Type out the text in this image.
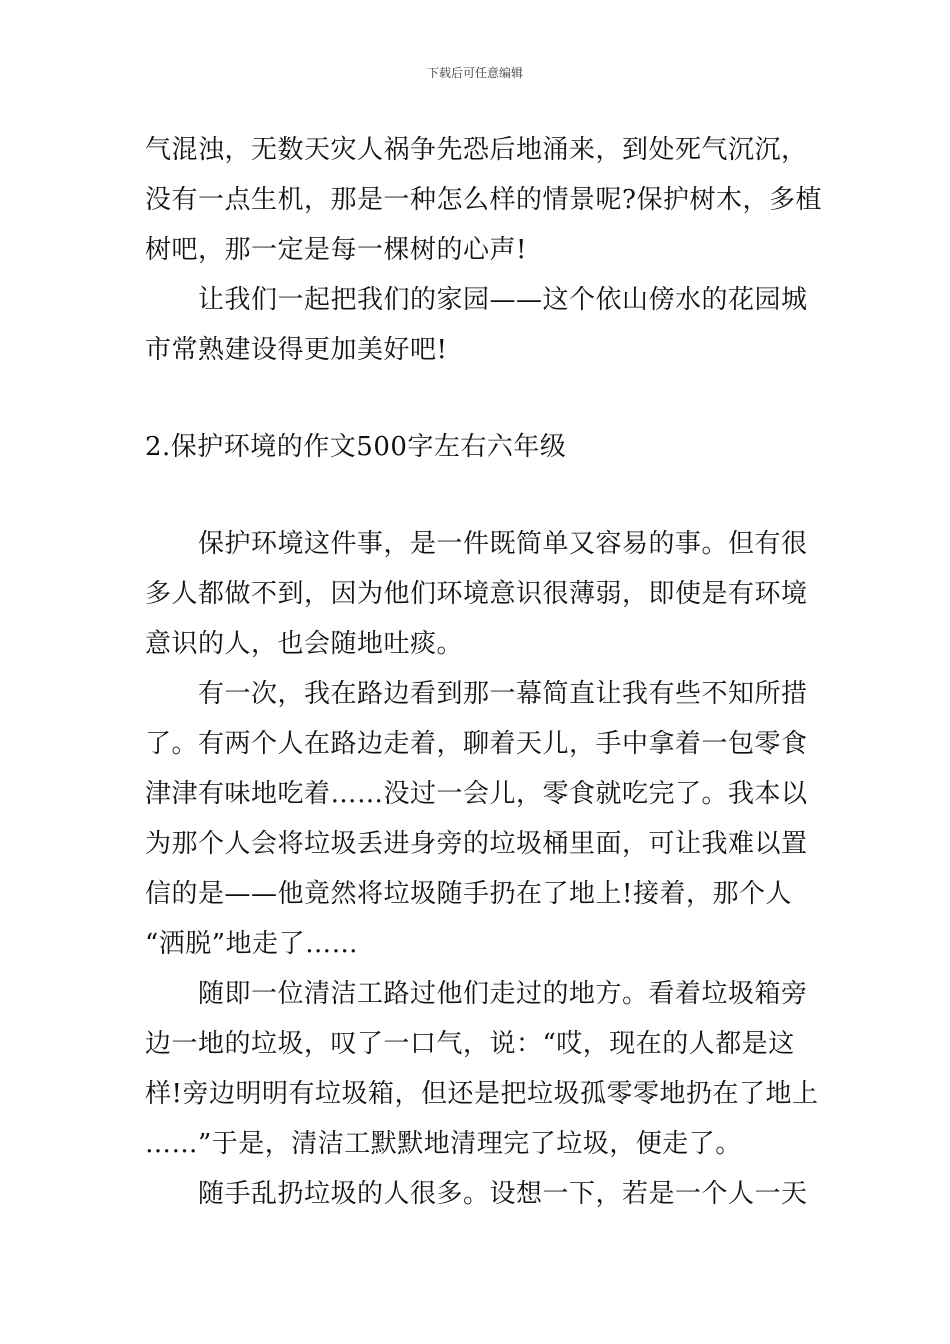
下载后可任意编辑
气混浊，无数天灾人祸争先恐后地涌来，到处死气沉沉，
没有一点生机，那是一种怎么样的情景呢?保护树木，多植
树吧，那一定是每一棵树的心声!
让我们一起把我们的家园——这个依山傍水的花园城
市常熟建设得更加美好吧!
2.保护环境的作文500字左右六年级
保护环境这件事，是一件既简单又容易的事。但有很
多人都做不到，因为他们环境意识很薄弱，即使是有环境
意识的人，也会随地吐痰。
有一次，我在路边看到那一幕简直让我有些不知所措
了。有两个人在路边走着，聊着天儿，手中拿着一包零食
津津有味地吃着……没过一会儿，零食就吃完了。我本以
为那个人会将垃圾丢进身旁的垃圾桶里面，可让我难以置
信的是——他竟然将垃圾随手扔在了地上!接着，那个人
“洒脱”地走了……
随即一位清洁工路过他们走过的地方。看着垃圾箱旁
边一地的垃圾，叹了一口气，说：“哎，现在的人都是这
样!旁边明明有垃圾箱，但还是把垃圾孤零零地扔在了地上
……”于是，清洁工默默地清理完了垃圾，便走了。
随手乱扔垃圾的人很多。设想一下，若是一个人一天
